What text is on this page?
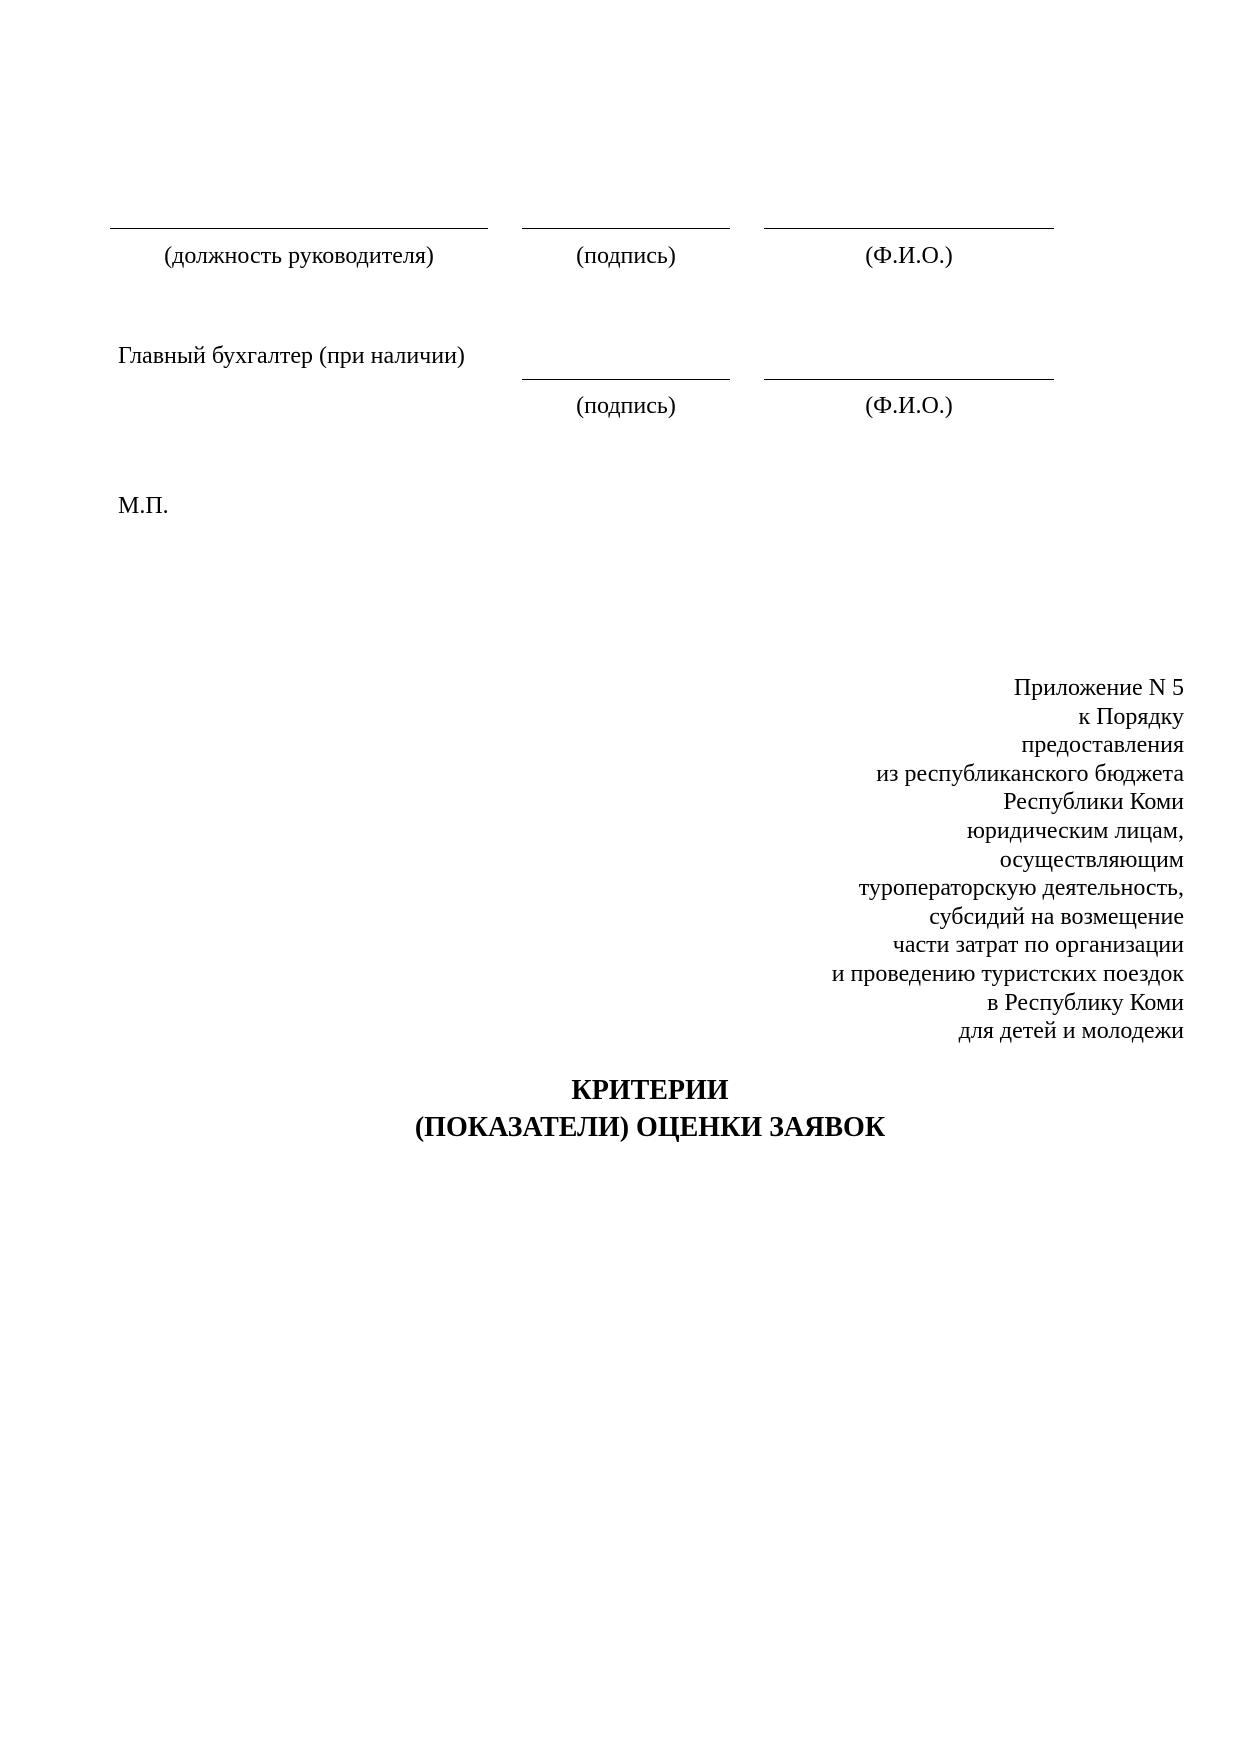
(должность руководителя)	(подпись)	(Ф.И.О.)
Главный бухгалтер (при наличии)
(подпись)	(Ф.И.О.)
М.П.
Приложение N 5
к Порядку
предоставления
из республиканского бюджета
Республики Коми
юридическим лицам,
осуществляющим
туроператорскую деятельность,
субсидий на возмещение
части затрат по организации
и проведению туристских поездок
в Республику Коми
для детей и молодежи
КРИТЕРИИ
(ПОКАЗАТЕЛИ) ОЦЕНКИ ЗАЯВОК
